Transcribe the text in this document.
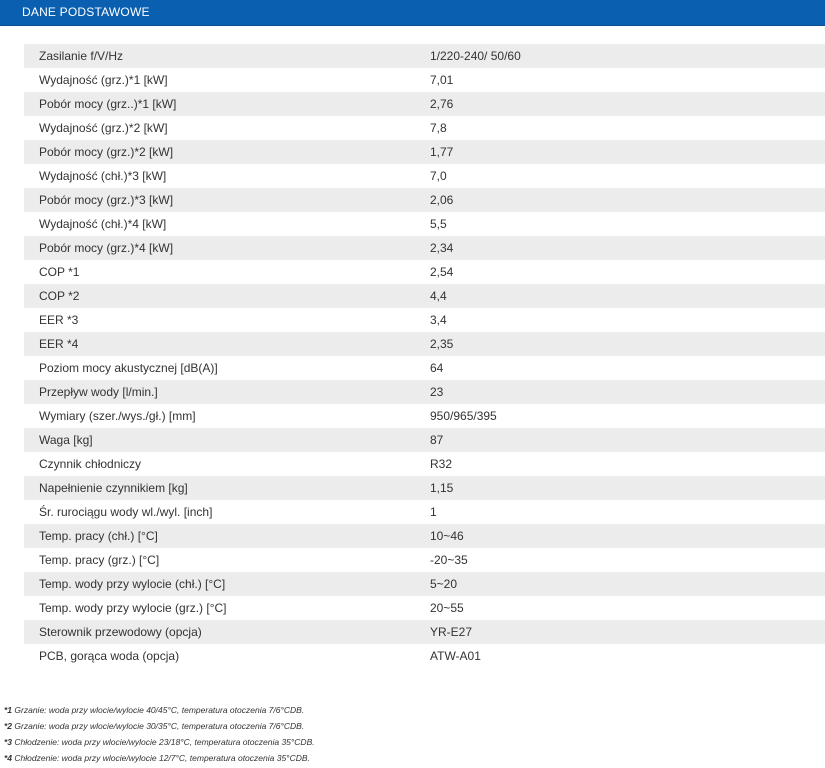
DANE PODSTAWOWE
Zasilanie f/V/Hz	1/220-240/ 50/60
Wydajność (grz.)*1 [kW]	7,01
Pobór mocy (grz..)*1 [kW]	2,76
Wydajność (grz.)*2 [kW]	7,8
Pobór mocy (grz.)*2 [kW]	1,77
Wydajność (chł.)*3 [kW]	7,0
Pobór mocy (grz.)*3 [kW]	2,06
Wydajność (chł.)*4 [kW]	5,5
Pobór mocy (grz.)*4 [kW]	2,34
COP *1	2,54
COP *2	4,4
EER *3	3,4
EER *4	2,35
Poziom mocy akustycznej [dB(A)]	64
Przepływ wody [l/min.]	23
Wymiary (szer./wys./gł.) [mm]	950/965/395
Waga [kg]	87
Czynnik chłodniczy	R32
Napełnienie czynnikiem [kg]	1,15
Śr. rurociągu wody wl./wyl. [inch]	1
Temp. pracy (chł.) [°C]	10~46
Temp. pracy (grz.) [°C]	-20~35
Temp. wody przy wylocie (chł.) [°C]	5~20
Temp. wody przy wylocie (grz.) [°C]	20~55
Sterownik przewodowy (opcja)	YR-E27
PCB, gorąca woda (opcja)	ATW-A01
*1 Grzanie: woda przy wlocie/wylocie 40/45°C, temperatura otoczenia 7/6°CDB.
*2 Grzanie: woda przy wlocie/wylocie 30/35°C, temperatura otoczenia 7/6°CDB.
*3 Chłodzenie: woda przy wlocie/wylocie 23/18°C, temperatura otoczenia 35°CDB.
*4 Chłodzenie: woda przy wlocie/wylocie 12/7°C, temperatura otoczenia 35°CDB.
